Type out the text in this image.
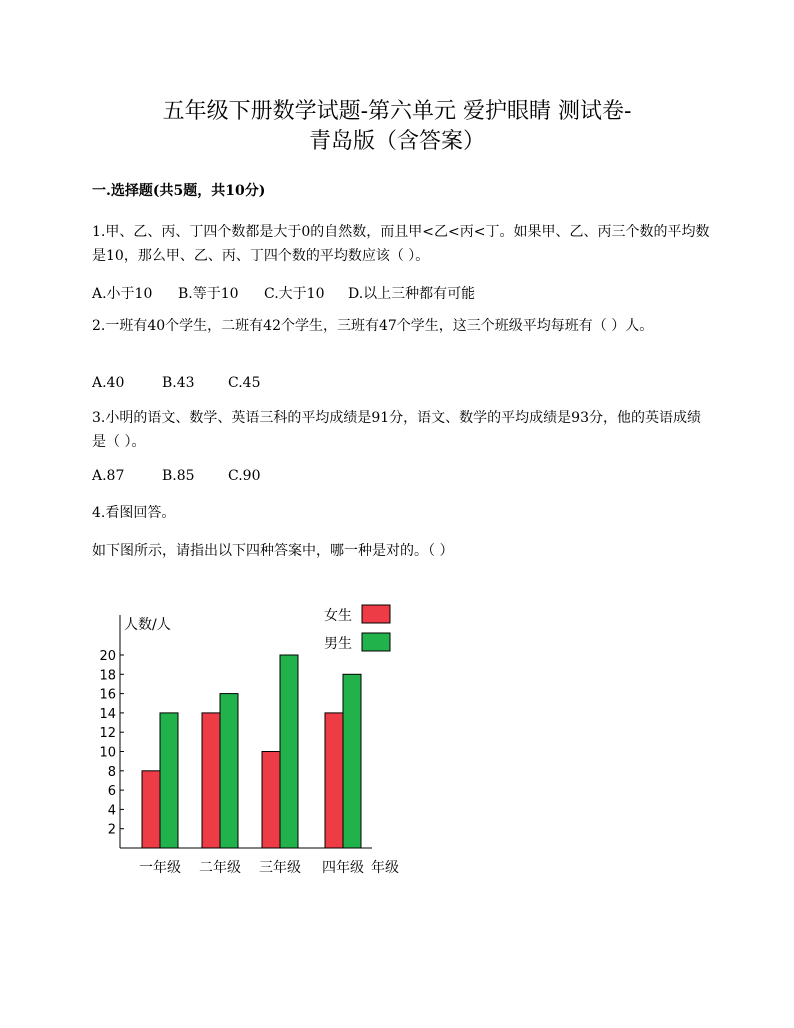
五年级下册数学试题-第六单元 爱护眼睛 测试卷-
青岛版（含答案）
一.选择题(共5题，共10分)
1.甲、乙、丙、丁四个数都是大于0的自然数，而且甲<乙<丙<丁。如果甲、乙、丙三个数的平均数是10，那么甲、乙、丙、丁四个数的平均数应该（ ）。
A.小于10 B.等于10 C.大于10 D.以上三种都有可能
2.一班有40个学生，二班有42个学生，三班有47个学生，这三个班级平均每班有（ ）人。
A.40	B.43 C.45
3.小明的语文、数学、英语三科的平均成绩是91分，语文、数学的平均成绩是93分，他的英语成绩是（ ）。
A.87	B.85 C.90
4.看图回答。
如下图所示，请指出以下四种答案中，哪一种是对的。（ ）
2
4
6
8
10
12
14
16
18
20
人数/人
一年级 二年级 三年级 四年级 年级
女生
男生
